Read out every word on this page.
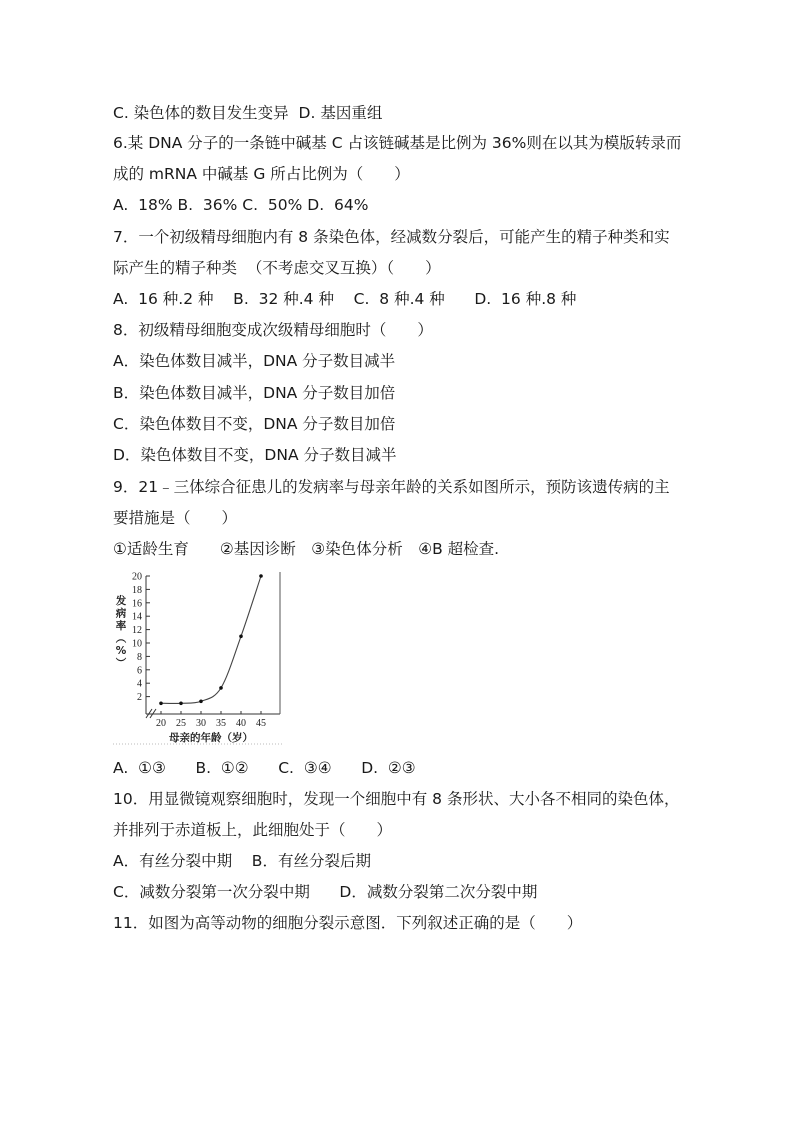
C. 染色体的数目发生变异  D. 基因重组
6.某 DNA 分子的一条链中碱基 C 占该链碱基是比例为 36%则在以其为模版转录而
成的 mRNA 中碱基 G 所占比例为（　　）
A.  18% B.  36% C.  50% D.  64%
7．一个初级精母细胞内有 8 条染色体，经减数分裂后，可能产生的精子种类和实
际产生的精子种类  （不考虑交叉互换）（　　）
A.  16 种.2 种    B.  32 种.4 种    C.  8 种.4 种      D.  16 种.8 种
8．初级精母细胞变成次级精母细胞时（　　）
A．染色体数目减半，DNA 分子数目减半
B．染色体数目减半，DNA 分子数目加倍
C．染色体数目不变，DNA 分子数目加倍
D．染色体数目不变，DNA 分子数目减半
9．21﹣三体综合征患儿的发病率与母亲年龄的关系如图所示，预防该遗传病的主
要措施是（　　）
①适龄生育　　②基因诊断　③染色体分析　④B 超检查.
2
4
6
8
10
12
14
16
18
20
20 25 30 35 40 45
发病率︵ % ︶
母亲的年龄（岁）
A.  ①③      B.  ①②      C.  ③④      D.  ②③
10．用显微镜观察细胞时，发现一个细胞中有 8 条形状、大小各不相同的染色体，
并排列于赤道板上，此细胞处于（　　）
A．有丝分裂中期    B．有丝分裂后期
C．减数分裂第一次分裂中期      D．减数分裂第二次分裂中期
11．如图为高等动物的细胞分裂示意图．下列叙述正确的是（　　）
